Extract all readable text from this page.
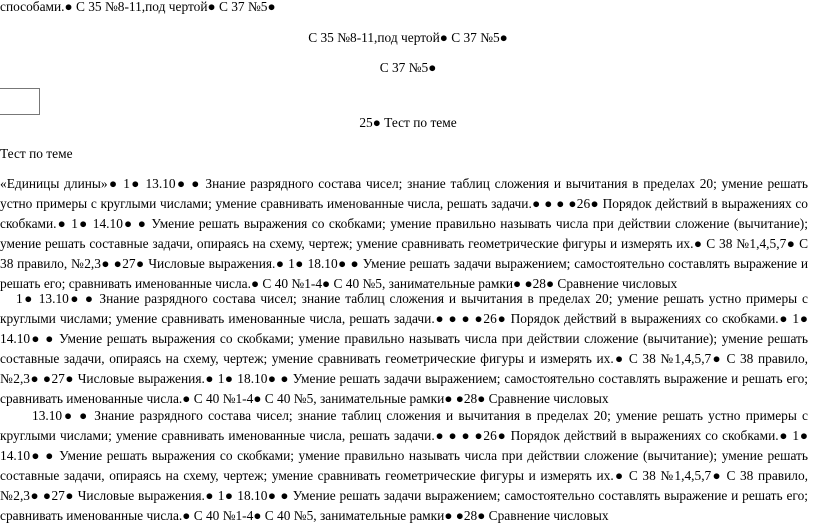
способами.● С 35 №8-11,под чертой● С 37 №5●
С 35 №8-11,под чертой● С 37 №5●
С 37 №5●
25● Тест по теме
Тест по теме
«Единицы длины»● 1● 13.10● ● Знание разрядного состава чисел; знание таблиц сложения и вычитания в пределах 20; умение решать устно примеры с круглыми числами; умение сравнивать именованные числа, решать задачи.● ● ● ●26● Порядок действий в выражениях со скобками.● 1● 14.10● ● Умение решать выражения со скобками; умение правильно называть числа при действии сложение (вычитание); умение решать составные задачи, опираясь на схему, чертеж; умение сравнивать геометрические фигуры и измерять их.● С 38 №1,4,5,7● С 38 правило, №2,3● ●27● Числовые выражения.● 1● 18.10● ● Умение решать задачи выражением; самостоятельно составлять выражение и решать его; сравнивать именованные числа.● С 40 №1-4● С 40 №5, занимательные рамки● ●28● Сравнение числовых
1● 13.10● ● Знание разрядного состава чисел; знание таблиц сложения и вычитания в пределах 20; умение решать устно примеры с круглыми числами; умение сравнивать именованные числа, решать задачи.● ● ● ●26● Порядок действий в выражениях со скобками.● 1● 14.10● ● Умение решать выражения со скобками; умение правильно называть числа при действии сложение (вычитание); умение решать составные задачи, опираясь на схему, чертеж; умение сравнивать геометрические фигуры и измерять их.● С 38 №1,4,5,7● С 38 правило, №2,3● ●27● Числовые выражения.● 1● 18.10● ● Умение решать задачи выражением; самостоятельно составлять выражение и решать его; сравнивать именованные числа.● С 40 №1-4● С 40 №5, занимательные рамки● ●28● Сравнение числовых
13.10● ● Знание разрядного состава чисел; знание таблиц сложения и вычитания в пределах 20; умение решать устно примеры с круглыми числами; умение сравнивать именованные числа, решать задачи.● ● ● ●26● Порядок действий в выражениях со скобками.● 1● 14.10● ● Умение решать выражения со скобками; умение правильно называть числа при действии сложение (вычитание); умение решать составные задачи, опираясь на схему, чертеж; умение сравнивать геометрические фигуры и измерять их.● С 38 №1,4,5,7● С 38 правило, №2,3● ●27● Числовые выражения.● 1● 18.10● ● Умение решать задачи выражением; самостоятельно составлять выражение и решать его; сравнивать именованные числа.● С 40 №1-4● С 40 №5, занимательные рамки● ●28● Сравнение числовых
